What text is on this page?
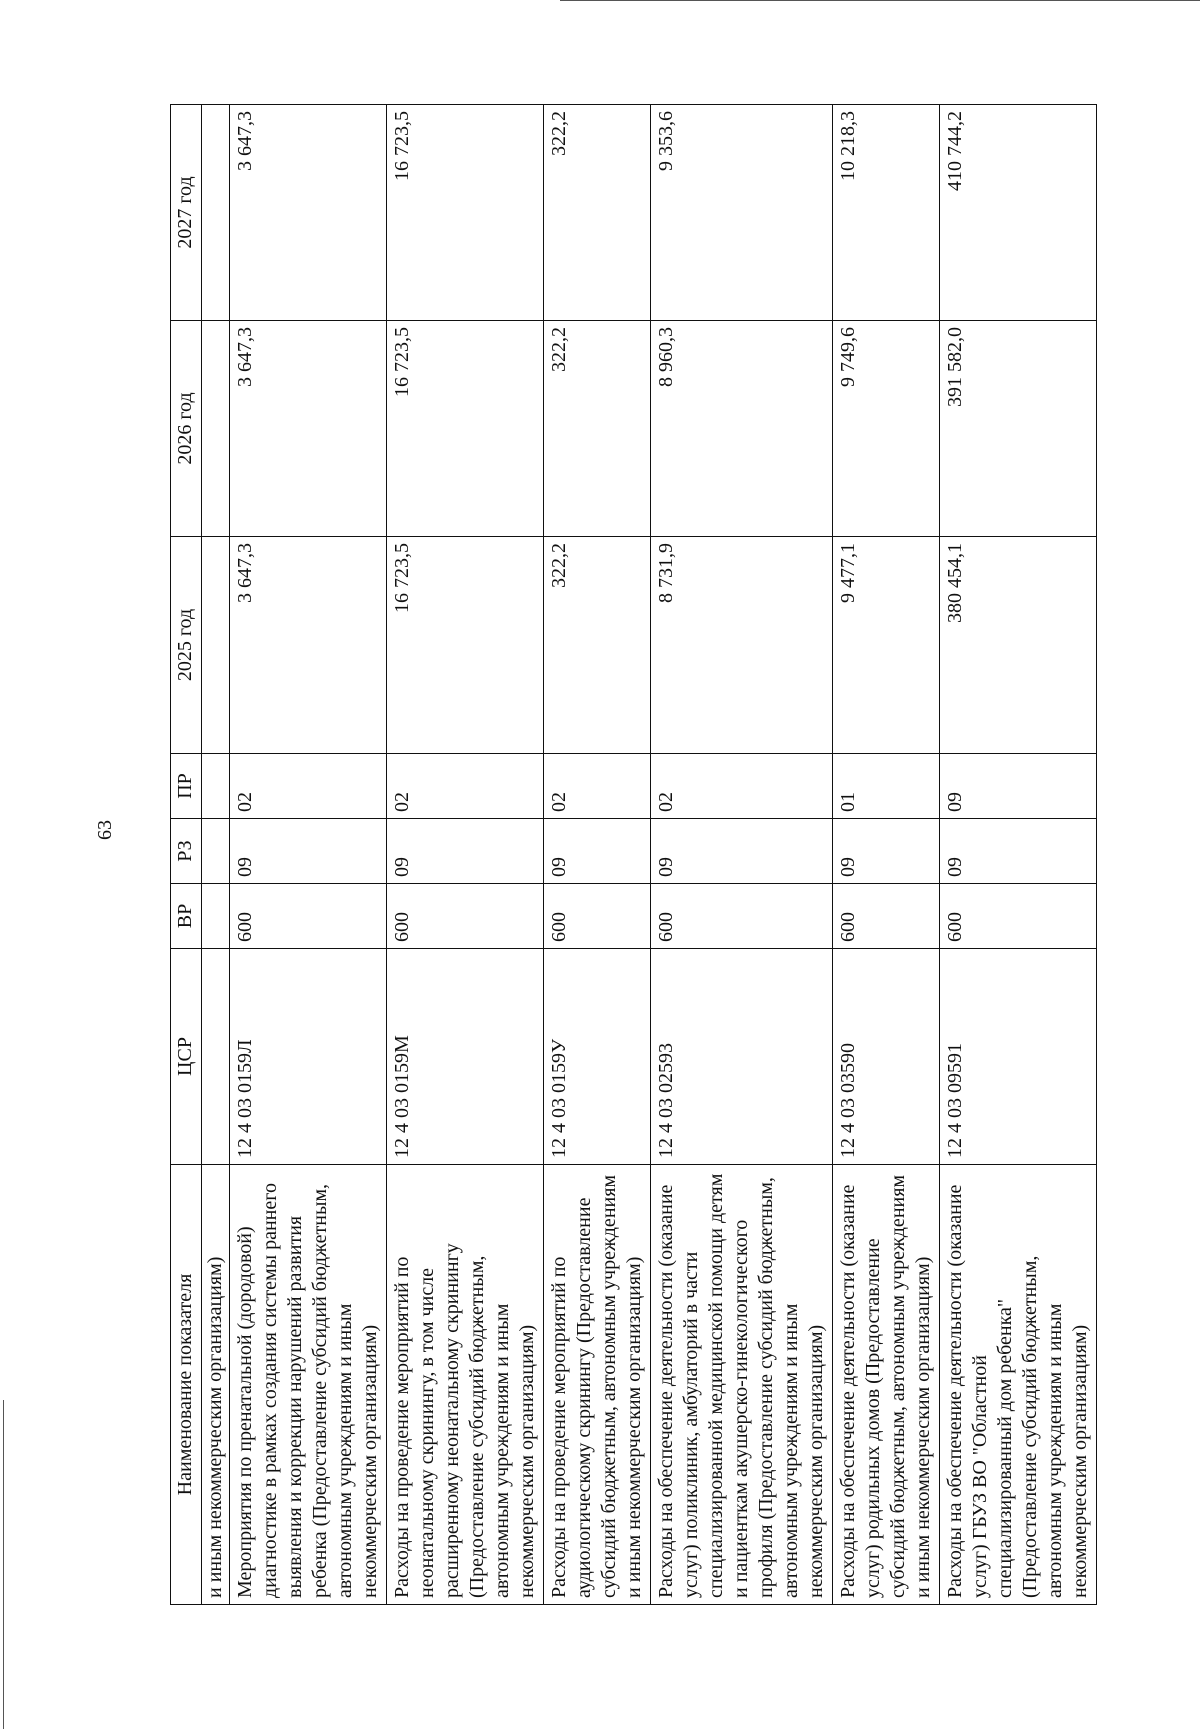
63
Наименование показателя	ЦСР	ВР	РЗ	ПР	2025 год	2026 год	2027 год
и иным некоммерческим организациям)							
Мероприятия по пренатальной (дородовой) диагностике в рамках создания системы раннего выявления и коррекции нарушений развития ребенка (Предоставление субсидий бюджетным, автономным учреждениям и иным некоммерческим организациям)	12 4 03 0159Л	600	09	02	3 647,3	3 647,3	3 647,3
Расходы на проведение мероприятий по неонатальному скринингу, в том числе расширенному неонатальному скринингу (Предоставление субсидий бюджетным, автономным учреждениям и иным некоммерческим организациям)	12 4 03 0159М	600	09	02	16 723,5	16 723,5	16 723,5
Расходы на проведение мероприятий по аудиологическому скринингу (Предоставление субсидий бюджетным, автономным учреждениям и иным некоммерческим организациям)	12 4 03 0159У	600	09	02	322,2	322,2	322,2
Расходы на обеспечение деятельности (оказание услуг) поликлиник, амбулаторий в части специализированной медицинской помощи детям и пациенткам акушерско-гинекологического профиля (Предоставление субсидий бюджетным, автономным учреждениям и иным некоммерческим организациям)	12 4 03 02593	600	09	02	8 731,9	8 960,3	9 353,6
Расходы на обеспечение деятельности (оказание услуг) родильных домов (Предоставление субсидий бюджетным, автономным учреждениям и иным некоммерческим организациям)	12 4 03 03590	600	09	01	9 477,1	9 749,6	10 218,3
Расходы на обеспечение деятельности (оказание услуг) ГБУЗ ВО "Областной специализированный дом ребенка" (Предоставление субсидий бюджетным, автономным учреждениям и иным некоммерческим организациям)	12 4 03 09591	600	09	09	380 454,1	391 582,0	410 744,2
